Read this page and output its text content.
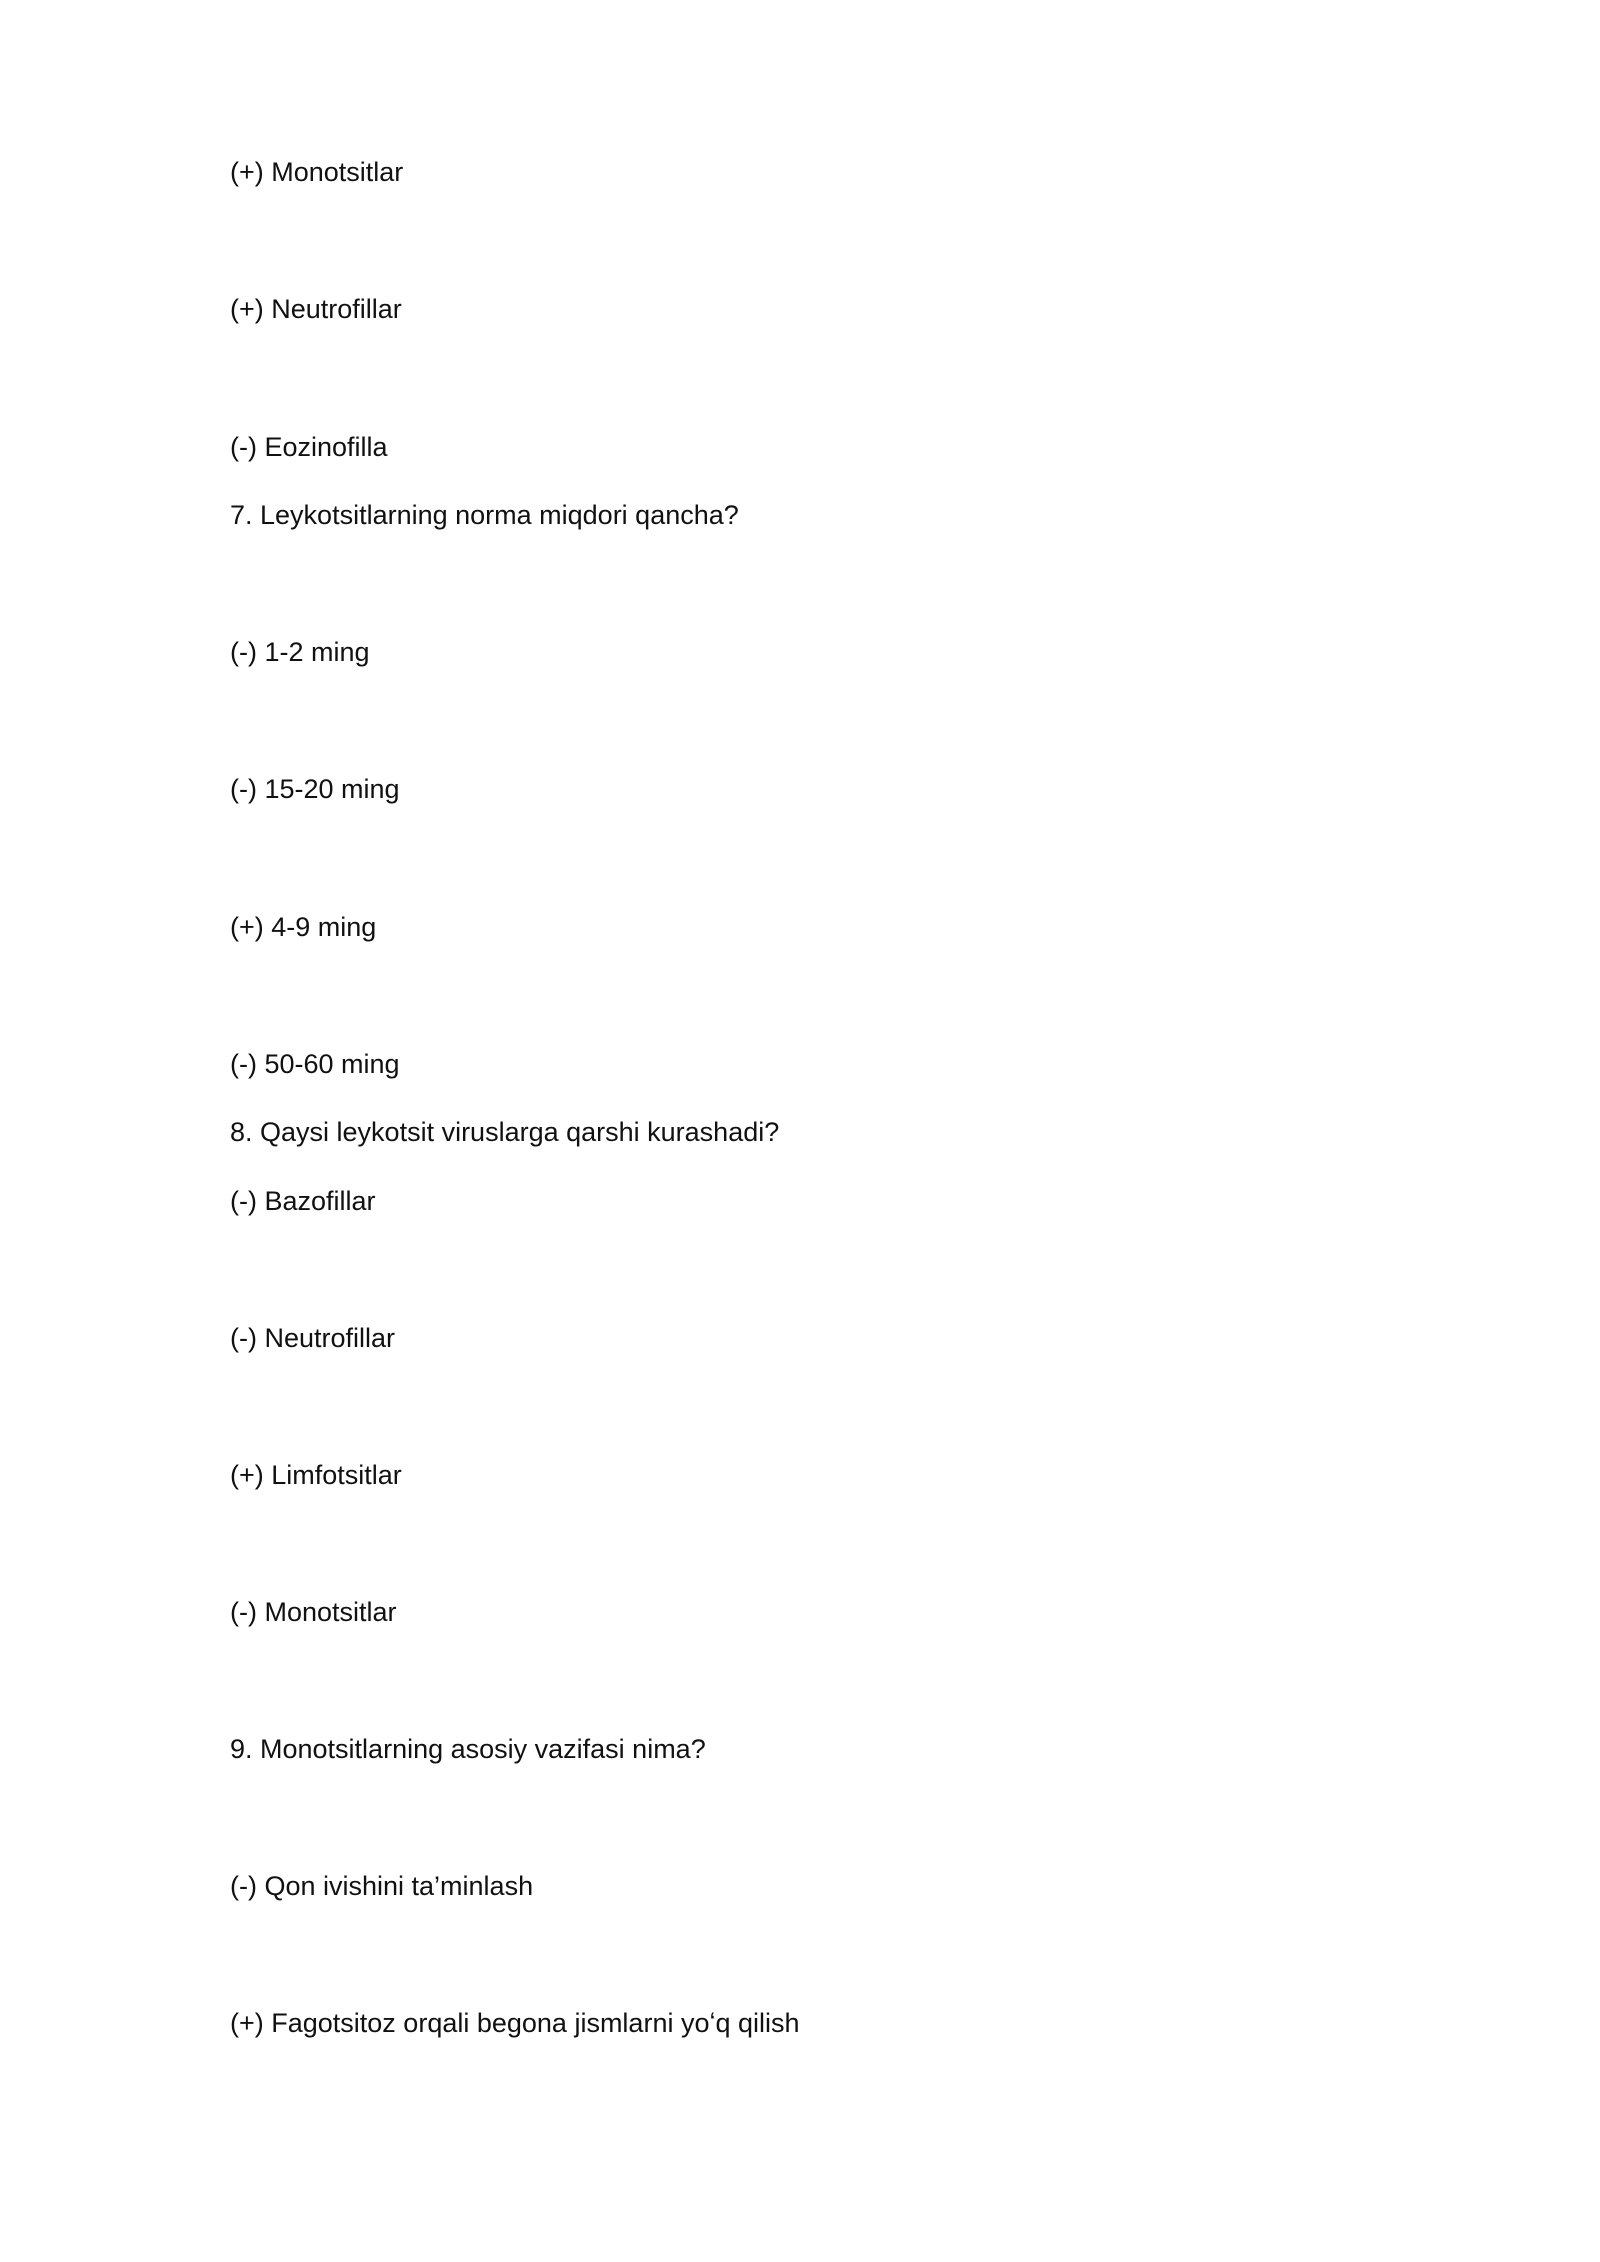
(+) Monotsitlar
(+) Neutrofillar
(-) Eozinofilla
7. Leykotsitlarning norma miqdori qancha?
(-) 1-2 ming
(-) 15-20 ming
(+) 4-9 ming
(-) 50-60 ming
8. Qaysi leykotsit viruslarga qarshi kurashadi?
(-) Bazofillar
(-) Neutrofillar
(+) Limfotsitlar
(-) Monotsitlar
9. Monotsitlarning asosiy vazifasi nima?
(-) Qon ivishini ta’minlash
(+) Fagotsitoz orqali begona jismlarni yoʻq qilish
